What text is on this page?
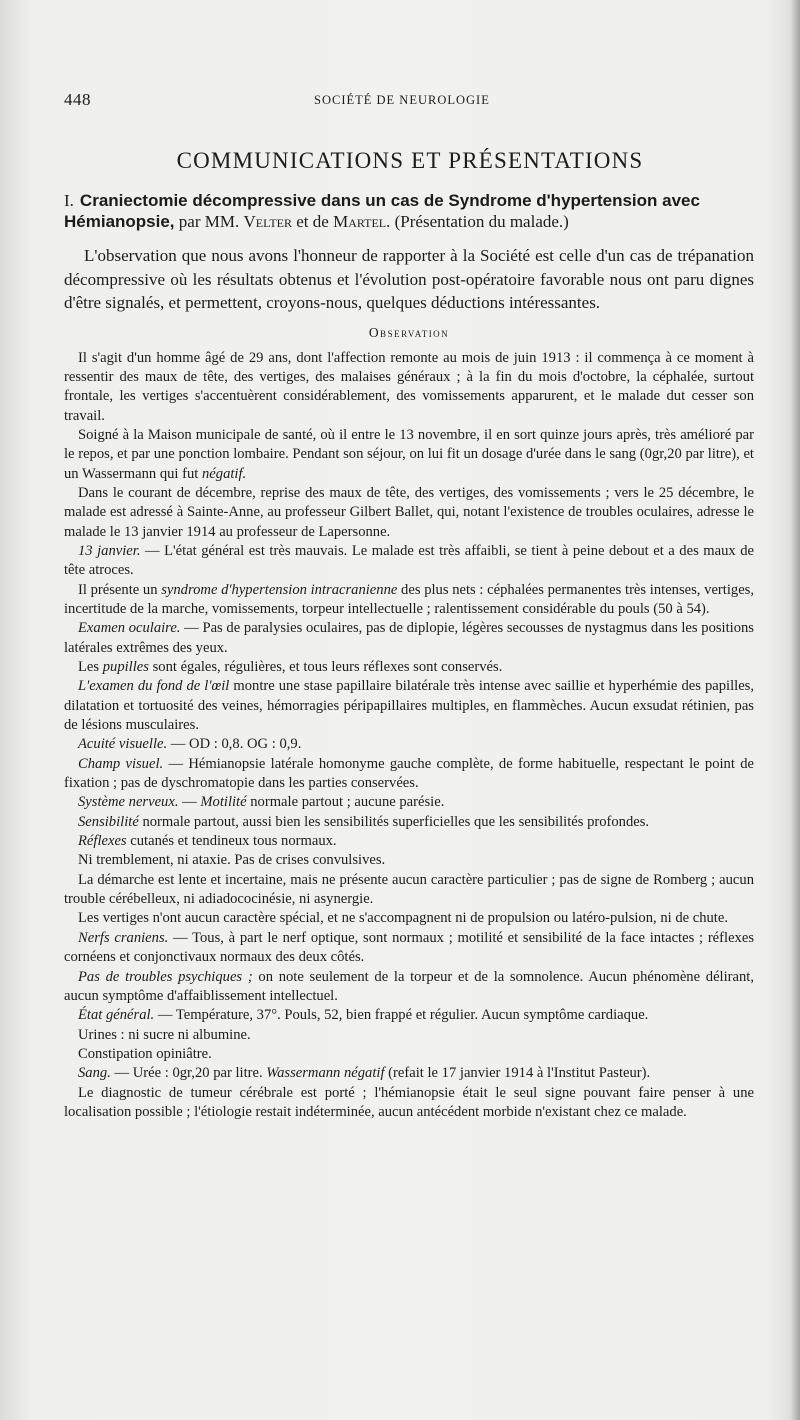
448	SOCIÉTÉ DE NEUROLOGIE
COMMUNICATIONS ET PRÉSENTATIONS

I. Craniectomie décompressive dans un cas de Syndrome d'hypertension avec Hémianopsie, par MM. Velter et de Martel. (Présentation du malade.)

L'observation que nous avons l'honneur de rapporter à la Société est celle d'un cas de trépanation décompressive où les résultats obtenus et l'évolution post-opératoire favorable nous ont paru dignes d'être signalés, et permettent, croyons-nous, quelques déductions intéressantes.

Observation

Il s'agit d'un homme âgé de 29 ans, dont l'affection remonte au mois de juin 1913 : il commença à ce moment à ressentir des maux de tête, des vertiges, des malaises généraux ; à la fin du mois d'octobre, la céphalée, surtout frontale, les vertiges s'accentuèrent considérablement, des vomissements apparurent, et le malade dut cesser son travail.

Soigné à la Maison municipale de santé, où il entre le 13 novembre, il en sort quinze jours après, très amélioré par le repos, et par une ponction lombaire. Pendant son séjour, on lui fit un dosage d'urée dans le sang (0gr,20 par litre), et un Wassermann qui fut négatif.

Dans le courant de décembre, reprise des maux de tête, des vertiges, des vomissements ; vers le 25 décembre, le malade est adressé à Sainte-Anne, au professeur Gilbert Ballet, qui, notant l'existence de troubles oculaires, adresse le malade le 13 janvier 1914 au professeur de Lapersonne.

13 janvier. — L'état général est très mauvais. Le malade est très affaibli, se tient à peine debout et a des maux de tête atroces.

Il présente un syndrome d'hypertension intracranienne des plus nets : céphalées permanentes très intenses, vertiges, incertitude de la marche, vomissements, torpeur intellectuelle ; ralentissement considérable du pouls (50 à 54).

Examen oculaire. — Pas de paralysies oculaires, pas de diplopie, légères secousses de nystagmus dans les positions latérales extrêmes des yeux.

Les pupilles sont égales, régulières, et tous leurs réflexes sont conservés.

L'examen du fond de l'œil montre une stase papillaire bilatérale très intense avec saillie et hyperhémie des papilles, dilatation et tortuosité des veines, hémorragies péripapillaires multiples, en flammèches. Aucun exsudat rétinien, pas de lésions musculaires.

Acuité visuelle. — OD : 0,8. OG : 0,9.

Champ visuel. — Hémianopsie latérale homonyme gauche complète, de forme habituelle, respectant le point de fixation ; pas de dyschromatopie dans les parties conservées.

Système nerveux. — Motilité normale partout ; aucune parésie.

Sensibilité normale partout, aussi bien les sensibilités superficielles que les sensibilités profondes.

Réflexes cutanés et tendineux tous normaux.

Ni tremblement, ni ataxie. Pas de crises convulsives.

La démarche est lente et incertaine, mais ne présente aucun caractère particulier ; pas de signe de Romberg ; aucun trouble cérébelleux, ni adiadococinésie, ni asynergie.

Les vertiges n'ont aucun caractère spécial, et ne s'accompagnent ni de propulsion ou latéro-pulsion, ni de chute.

Nerfs craniens. — Tous, à part le nerf optique, sont normaux ; motilité et sensibilité de la face intactes ; réflexes cornéens et conjonctivaux normaux des deux côtés.

Pas de troubles psychiques ; on note seulement de la torpeur et de la somnolence. Aucun phénomène délirant, aucun symptôme d'affaiblissement intellectuel.

État général. — Température, 37°. Pouls, 52, bien frappé et régulier. Aucun symptôme cardiaque.

Urines : ni sucre ni albumine.

Constipation opiniâtre.

Sang. — Urée : 0gr,20 par litre. Wassermann négatif (refait le 17 janvier 1914 à l'Institut Pasteur).

Le diagnostic de tumeur cérébrale est porté ; l'hémianopsie était le seul signe pouvant faire penser à une localisation possible ; l'étiologie restait indéterminée, aucun antécédent morbide n'existant chez ce malade.
